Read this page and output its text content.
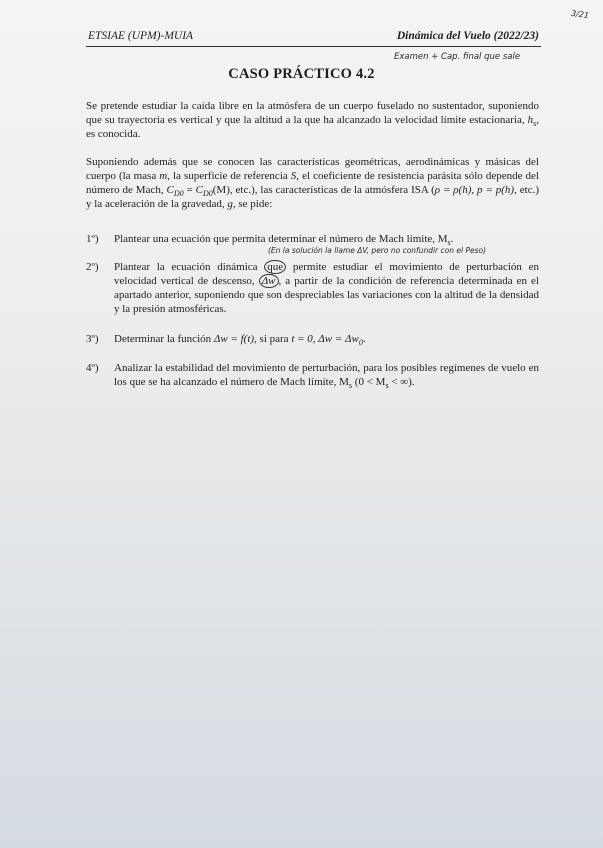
ETSIAE (UPM)-MUIA	Dinámica del Vuelo (2022/23)
3/21
Examen + Cap. final que sale
CASO PRÁCTICO 4.2
Se pretende estudiar la caída libre en la atmósfera de un cuerpo fuselado no sustentador, suponiendo que su trayectoria es vertical y que la altitud a la que ha alcanzado la velocidad límite estacionaria, $h_s$, es conocida.
Suponiendo además que se conocen las características geométricas, aerodinámicas y másicas del cuerpo (la masa m, la superficie de referencia S, el coeficiente de resistencia parásita sólo depende del número de Mach, $C_{D0} = C_{D0}(M)$, etc.), las características de la atmósfera ISA (ρ = ρ(h), p = p(h), etc.) y la aceleración de la gravedad, g, se pide:
1º)	Plantear una ecuación que permita determinar el número de Mach límite, $M_s$.
(En la solución la llame ΔV, pero no confundir con el Peso)
2º)	Plantear la ecuación dinámica que permite estudiar el movimiento de perturbación en velocidad vertical de descenso, Δw , a partir de la condición de referencia determinada en el apartado anterior, suponiendo que son despreciables las variaciones con la altitud de la densidad y la presión atmosféricas.
3º)	Determinar la función Δw = f(t), si para t = 0, $\Delta w = \Delta w_0$.
4º)	Analizar la estabilidad del movimiento de perturbación, para los posibles regímenes de vuelo en los que se ha alcanzado el número de Mach límite, $M_s$ ($0 < M_s$ < ∞).
